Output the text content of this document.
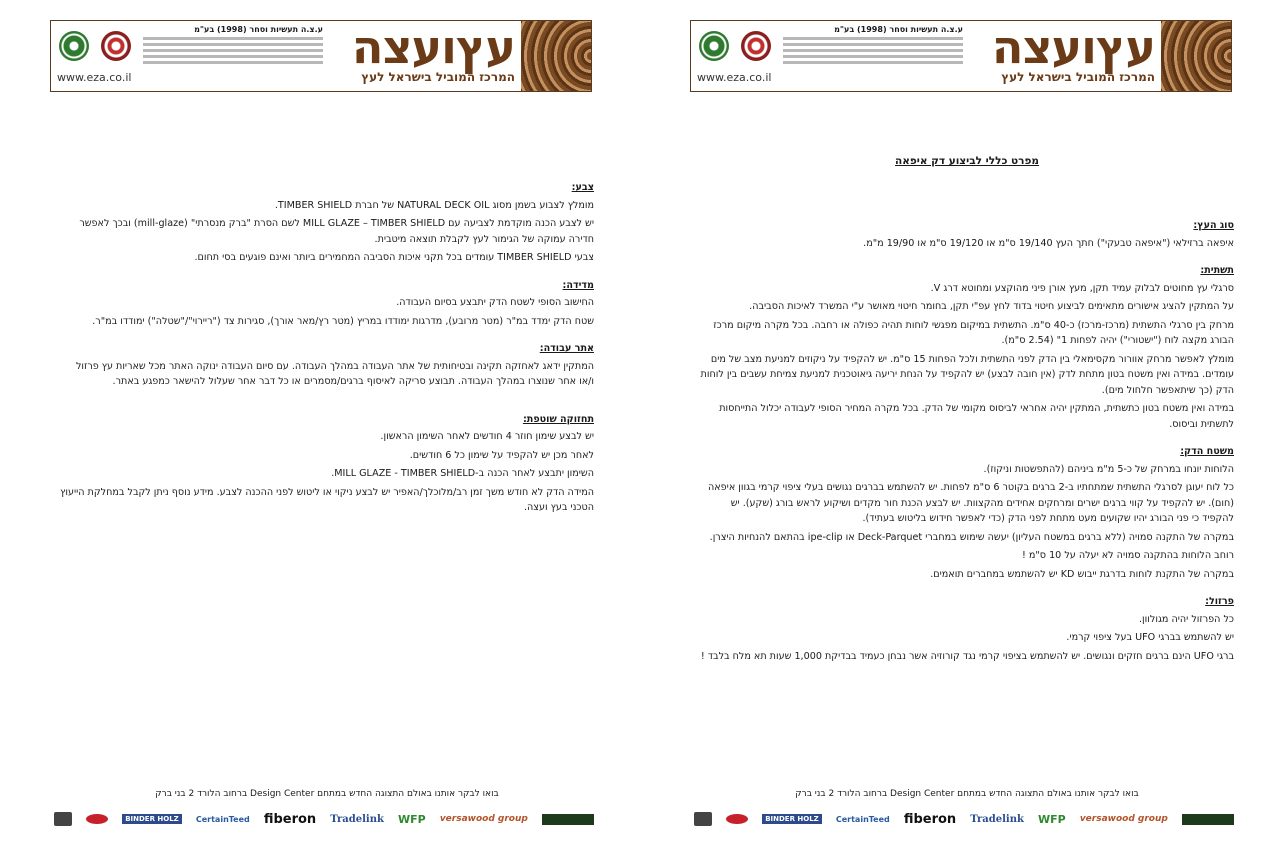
עץועצה
המרכז המוביל בישראל לעץ
ע.צ.ה תעשיות וסחר (1998) בע"מ
www.eza.co.il
צבע:
מומלץ לצבוע בשמן מסוג NATURAL DECK OIL של חברת TIMBER SHIELD.
יש לצבע הכנה מוקדמת לצביעה עם MILL GLAZE – TIMBER SHIELD לשם הסרת "ברק מנסרתי" (mill-glaze) ובכך לאפשר חדירה עמוקה של הגימור לעץ לקבלת תוצאה מיטבית.
צבעי TIMBER SHIELD עומדים בכל תקני איכות הסביבה המחמירים ביותר ואינם פוגעים בסי תחום.
מדידה:
החישוב הסופי לשטח הדק יתבצע בסיום העבודה.
שטח הדק ימדד במ"ר (מטר מרובע), מדרגות ימודדו במריץ (מטר רץ/מאר אורך), סגירות צד ("ריירוי"/"שטלה") ימודדו במ"ר.
אתר עבודה:
המתקין ידאג לאחזקה תקינה ובטיחותית של אתר העבודה במהלך העבודה. עם סיום העבודה ינוקה האתר מכל שאריות עץ פרזול ו/או אחר שנוצרו במהלך העבודה. תבוצע סריקה לאיסוף ברגים/מסמרים או כל דבר אחר שעלול להישאר כמפגע באתר.
תחזוקה שוטפת:
יש לבצע שימון חוזר 4 חודשים לאחר השימון הראשון.
לאחר מכן יש להקפיד על שימון כל 6 חודשים.
השימון יתבצע לאחר הכנה ב-MILL GLAZE - TIMBER SHIELD.
המידה הדק לא חודש משך זמן רב/מלוכלך/האפיר יש לבצע ניקוי או ליטוש לפני ההכנה לצבע. מידע נוסף ניתן לקבל במחלקת הייעוץ הטכני בעץ ועצה.
בואו לבקר אותנו באולם התצוגה החדש במתחם Design Center ברחוב הלורד 2 בני ברק
BINDER HOLZ	CertainTeed fiberon Tradelink WFP versawood group
עץועצה
המרכז המוביל בישראל לעץ
ע.צ.ה תעשיות וסחר (1998) בע"מ
www.eza.co.il
מפרט כללי לביצוע דק איפאה
סוג העץ:
איפאה ברזילאי ("איפאה טבעקי") חתך העץ 19/140 ס"מ או 19/120 ס"מ או 19/90 מ"מ.
תשתית:
סרגלי עץ מחוטים לבלוק עמיד תקן, מעץ אורן פיני מהוקצע ומחוטא דרג V.
על המתקין להציג אישורים מתאימים לביצוע חיטוי בדוד לחץ עפ"י תקן, בחומר חיטוי מאושר ע"י המשרד לאיכות הסביבה.
מרחק בין סרגלי התשתית (מרכז-מרכז) כ-40 ס"מ. התשתית במיקום מפגשי לוחות תהיה כפולה או רחבה. בכל מקרה מיקום מרכז הבורג מקצה לוח ("ישטורי") יהיה לפחות 1" (2.54 ס"מ).
מומלץ לאפשר מרחק אוורור מקסימאלי בין הדק לפני התשתית ולכל הפחות 15 ס"מ. יש להקפיד על ניקוזים למניעת מצב של מים עומדים. במידה ואין משטח בטון מתחת לדק (אין חובה לבצע) יש להקפיד על הנחת יריעה גיאוטכנית למניעת צמיחת עשבים בין לוחות הדק (כך שיתאפשר חלחול מים).
במידה ואין משטח בטון כתשתית, המתקין יהיה אחראי לביסוס מקומי של הדק. בכל מקרה המחיר הסופי לעבודה יכלול התייחסות לתשתית וביסוס.
משטח הדק:
הלוחות יונחו במרחק של כ-5 מ"מ ביניהם (להתפשטות וניקוז).
כל לוח יעוגן לסרגלי התשתית שמתחתיו ב-2 ברגים בקוטר 6 ס"מ לפחות. יש להשתמש בברגים נגושים בעלי ציפוי קרמי בגוון איפאה (חום). יש להקפיד על קווי ברגים ישרים ומרחקים אחידים מהקצוות. יש לבצע הכנת חור מקדים ושיקוע לראש בורג (שקע). יש להקפיד כי פני הבורג יהיו שקועים מעט מתחת לפני הדק (כדי לאפשר חידוש בליטוש בעתיד).
במקרה של התקנה סמויה (ללא ברגים במשטח העליון) יעשה שימוש במחברי Deck-Parquet או ipe-clip בהתאם להנחיות היצרן.
רוחב הלוחות בהתקנה סמויה לא יעלה על 10 ס"מ !
במקרה של התקנת לוחות בדרגת ייבוש KD יש להשתמש במחברים תואמים.
פרזול:
כל הפרזול יהיה מגולוון.
יש להשתמש בברגי UFO בעל ציפוי קרמי.
ברגי UFO הינם ברגים חזקים ונגושים. יש להשתמש בציפוי קרמי נגד קורוזיה אשר נבחן כעמיד בבדיקת 1,000 שעות תא מלח בלבד !
בואו לבקר אותנו באולם התצוגה החדש במתחם Design Center ברחוב הלורד 2 בני ברק
BINDER HOLZ	CertainTeed fiberon Tradelink WFP versawood group
